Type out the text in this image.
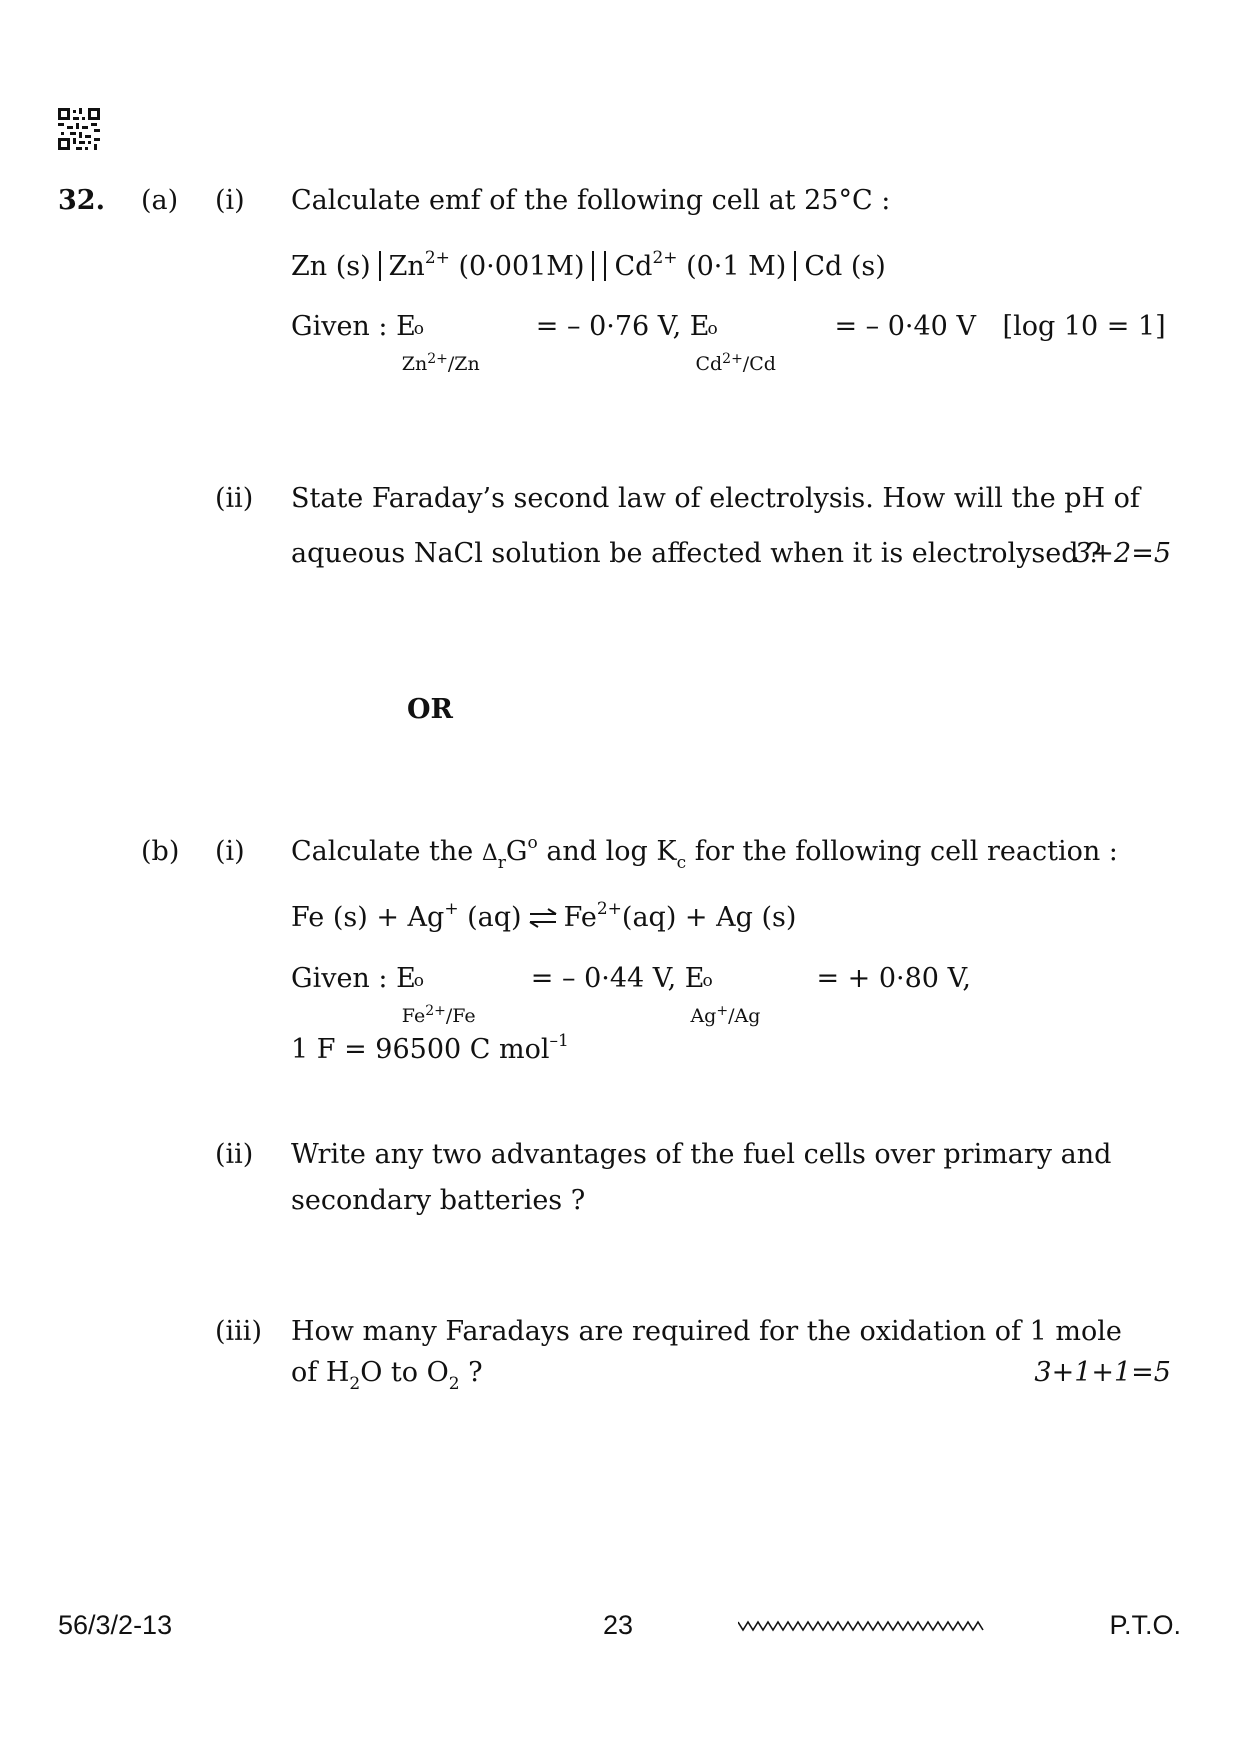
32. (a) (i) Calculate emf of the following cell at 25°C :
Zn (s) $Zn^{2+}$ (0·001M) $Cd^{2+}$ (0·1 M) Cd (s)
Given : E
o
$Zn^{2+}/Zn$
= – 0·76 V, E
o
$Cd^{2+}/Cd$
= – 0·40 V [log 10 = 1]
(ii) State Faraday’s second law of electrolysis. How will the pH of
aqueous NaCl solution be affected when it is electrolysed ?
3+2=5
OR
(b) (i) Calculate the $\Delta_rG^o$ and $\log K_c$ for the following cell reaction :
Fe (s) + Ag+ (aq) ⇌ $Fe^{2+}(aq) + Ag$ (s)
Given : E
o
$Fe^{2+}/Fe$
= – 0·44 V, E
o
Ag+/Ag
= + 0·80 V,
1 F = 96500 C mol$^{-1}$
(ii) Write any two advantages of the fuel cells over primary and
secondary batteries ?
(iii) How many Faradays are required for the oxidation of 1 mole
of $H_2O$ to $O_2$ ?	3+1+1=5
56/3/2-13	23	P.T.O.
